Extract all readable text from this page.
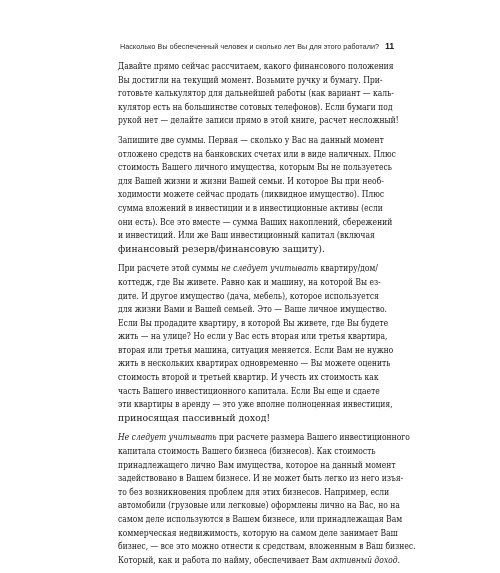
Насколько Вы обеспеченный человек и сколько лет Вы для этого работали? 11
Давайте прямо сейчас рассчитаем, какого финансового положения
Вы достигли на текущий момент. Возьмите ручку и бумагу. При-
готовьте калькулятор для дальнейшей работы (как вариант — каль-
кулятор есть на большинстве сотовых телефонов). Если бумаги под
рукой нет — делайте записи прямо в этой книге, расчет несложный!
Запишите две суммы. Первая — сколько у Вас на данный момент
отложено средств на банковских счетах или в виде наличных. Плюс
стоимость Вашего личного имущества, которым Вы не пользуетесь
для Вашей жизни и жизни Вашей семьи. И которое Вы при необ-
ходимости можете сейчас продать (ликвидное имущество). Плюс
сумма вложений в инвестиции и в инвестиционные активы (если
они есть). Все это вместе — сумма Ваших накоплений, сбережений
и инвестиций. Или же Ваш инвестиционный капитал (включая
финансовый резерв/финансовую защиту).
При расчете этой суммы не следует учитывать квартиру/дом/
коттедж, где Вы живете. Равно как и машину, на которой Вы ез-
дите. И другое имущество (дача, мебель), которое используется
для жизни Вами и Вашей семьей. Это — Ваше личное имущество.
Если Вы продадите квартиру, в которой Вы живете, где Вы будете
жить — на улице? Но если у Вас есть вторая или третья квартира,
вторая или третья машина, ситуация меняется. Если Вам не нужно
жить в нескольких квартирах одновременно — Вы можете оценить
стоимость второй и третьей квартир. И учесть их стоимость как
часть Вашего инвестиционного капитала. Если Вы еще и сдаете
эти квартиры в аренду — это уже вполне полноценная инвестиция,
приносящая пассивный доход!
Не следует учитывать при расчете размера Вашего инвестиционного
капитала стоимость Вашего бизнеса (бизнесов). Как стоимость
принадлежащего лично Вам имущества, которое на данный момент
задействовано в Вашем бизнесе. И не может быть легко из него изъя-
то без возникновения проблем для этих бизнесов. Например, если
автомобили (грузовые или легковые) оформлены лично на Вас, но на
самом деле используются в Вашем бизнесе, или принадлежащая Вам
коммерческая недвижимость, которую на самом деле занимает Ваш
бизнес, — все это можно отнести к средствам, вложенным в Ваш бизнес.
Который, как и работа по найму, обеспечивает Вам активный доход.
